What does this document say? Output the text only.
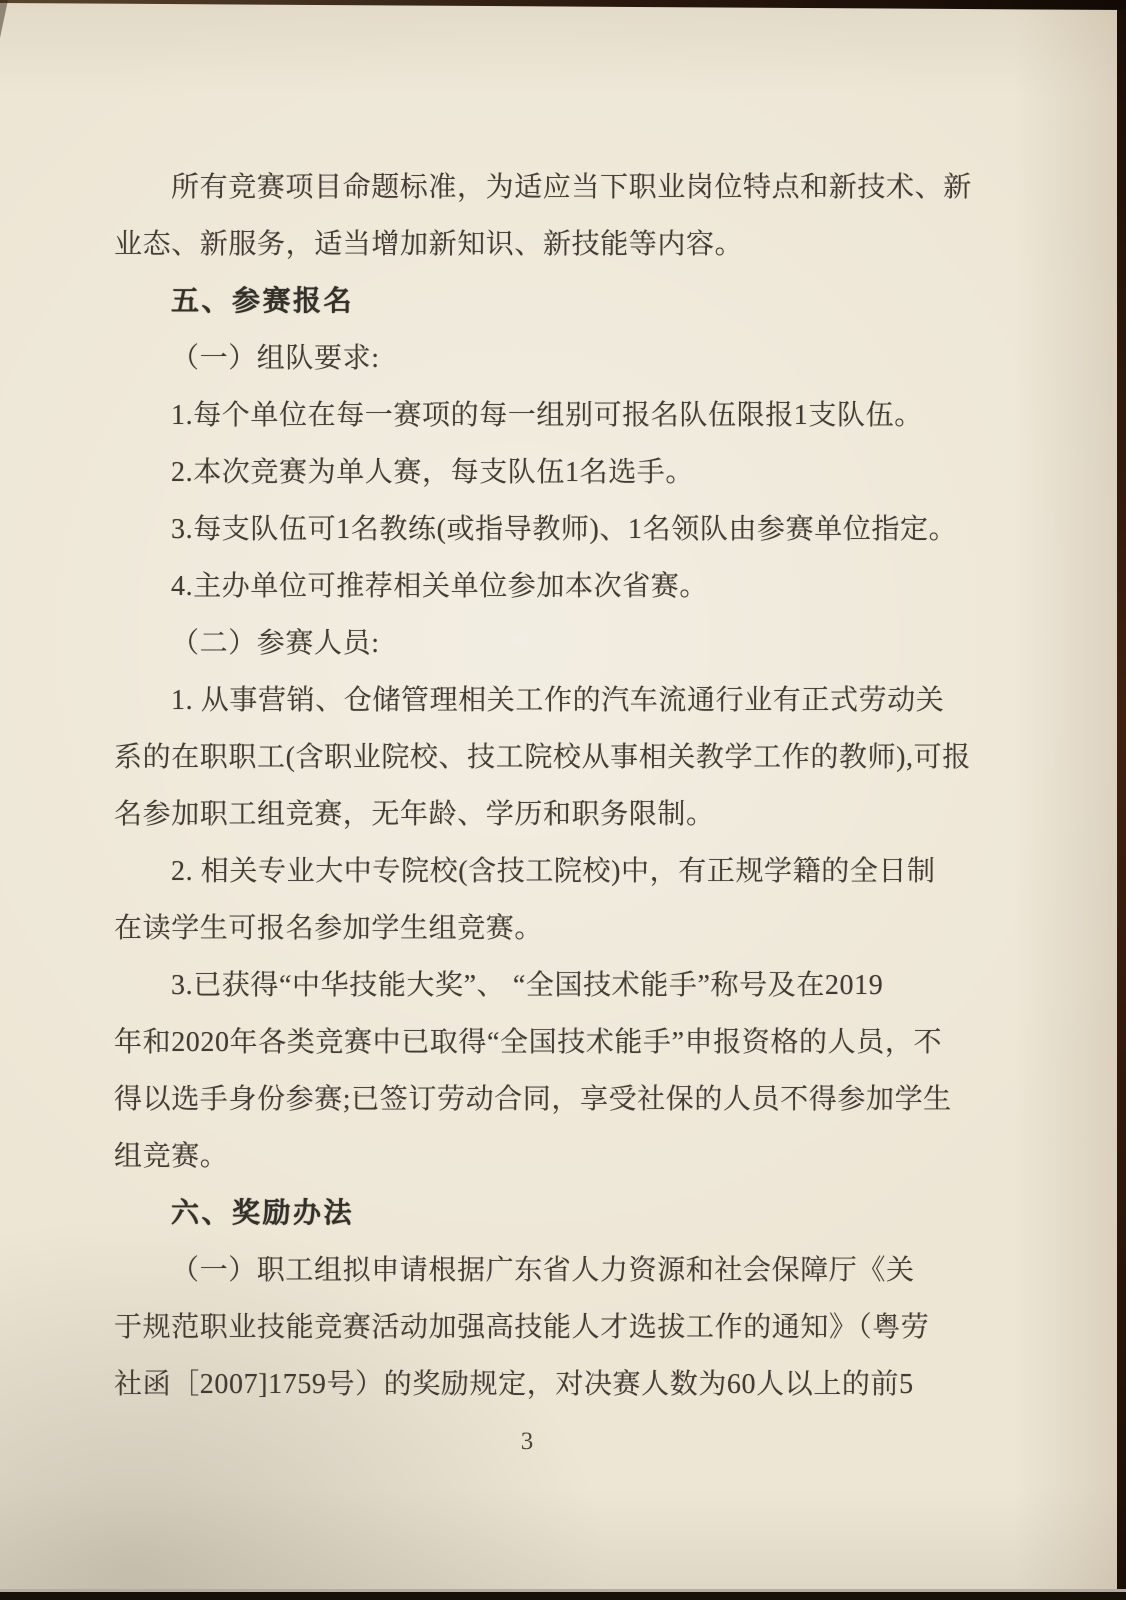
所有竞赛项目命题标准，为适应当下职业岗位特点和新技术、新
业态、新服务，适当增加新知识、新技能等内容。
五、参赛报名
（一）组队要求:
1.每个单位在每一赛项的每一组别可报名队伍限报1支队伍。
2.本次竞赛为单人赛，每支队伍1名选手。
3.每支队伍可1名教练(或指导教师)、1名领队由参赛单位指定。
4.主办单位可推荐相关单位参加本次省赛。
（二）参赛人员:
1. 从事营销、仓储管理相关工作的汽车流通行业有正式劳动关
系的在职职工(含职业院校、技工院校从事相关教学工作的教师),可报
名参加职工组竞赛，无年龄、学历和职务限制。
2. 相关专业大中专院校(含技工院校)中，有正规学籍的全日制
在读学生可报名参加学生组竞赛。
3.已获得“中华技能大奖”、 “全国技术能手”称号及在2019
年和2020年各类竞赛中已取得“全国技术能手”申报资格的人员，不
得以选手身份参赛;已签订劳动合同，享受社保的人员不得参加学生
组竞赛。
六、奖励办法
（一）职工组拟申请根据广东省人力资源和社会保障厅《关
于规范职业技能竞赛活动加强高技能人才选拔工作的通知》（粤劳
社函［2007]1759号）的奖励规定，对决赛人数为60人以上的前5
3
